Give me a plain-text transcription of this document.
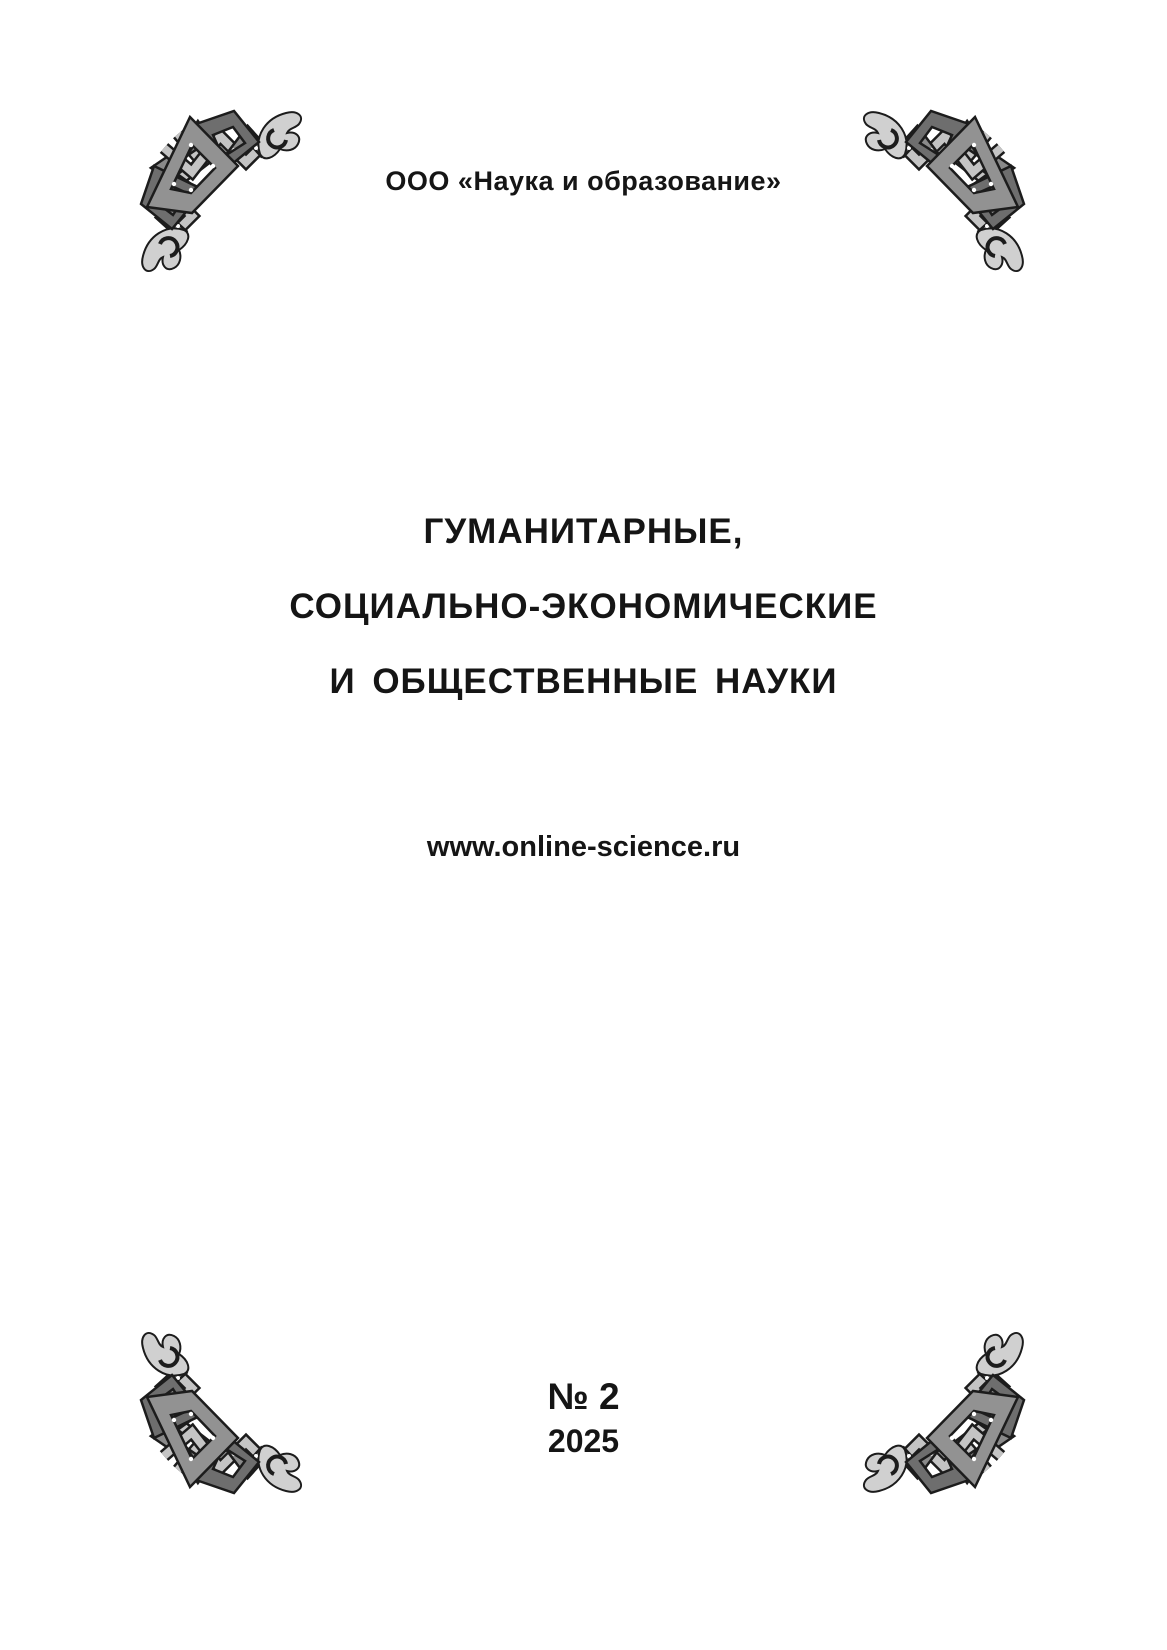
ООО «Наука и образование»
ГУМАНИТАРНЫЕ,
СОЦИАЛЬНО-ЭКОНОМИЧЕСКИЕ
И ОБЩЕСТВЕННЫЕ НАУКИ
www.online-science.ru
№ 2
2025
